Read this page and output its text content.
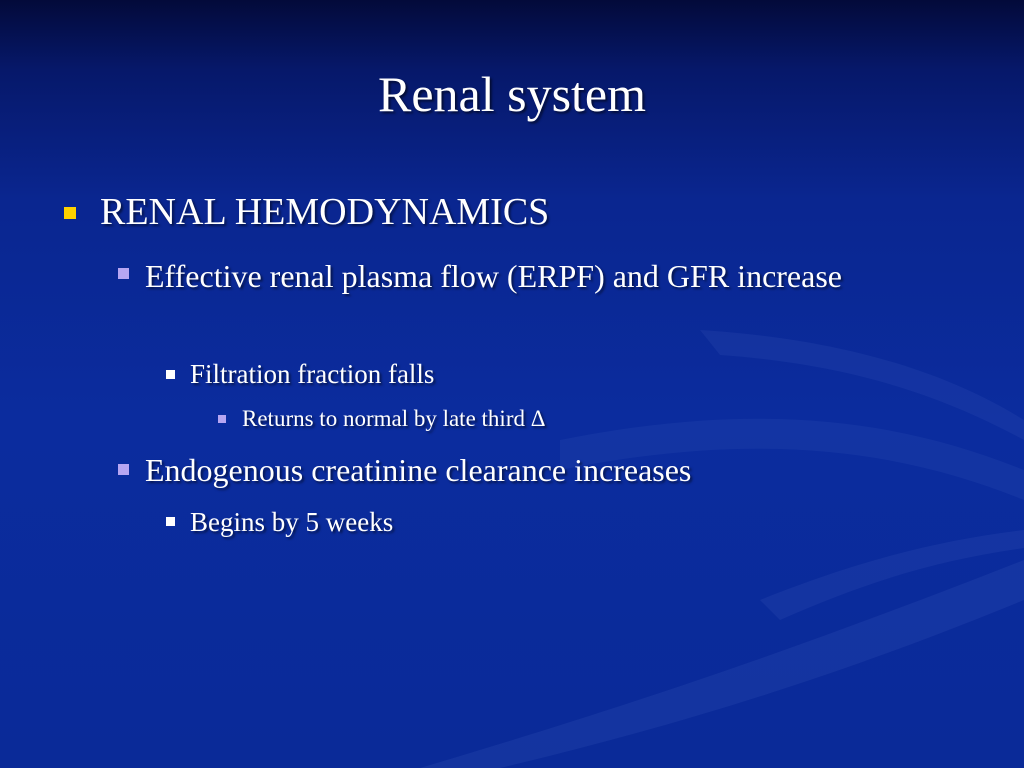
Renal system
RENAL HEMODYNAMICS
Effective renal plasma flow (ERPF) and GFR increase
Filtration fraction falls
Returns to normal by late third Δ
Endogenous creatinine clearance increases
Begins by 5 weeks
